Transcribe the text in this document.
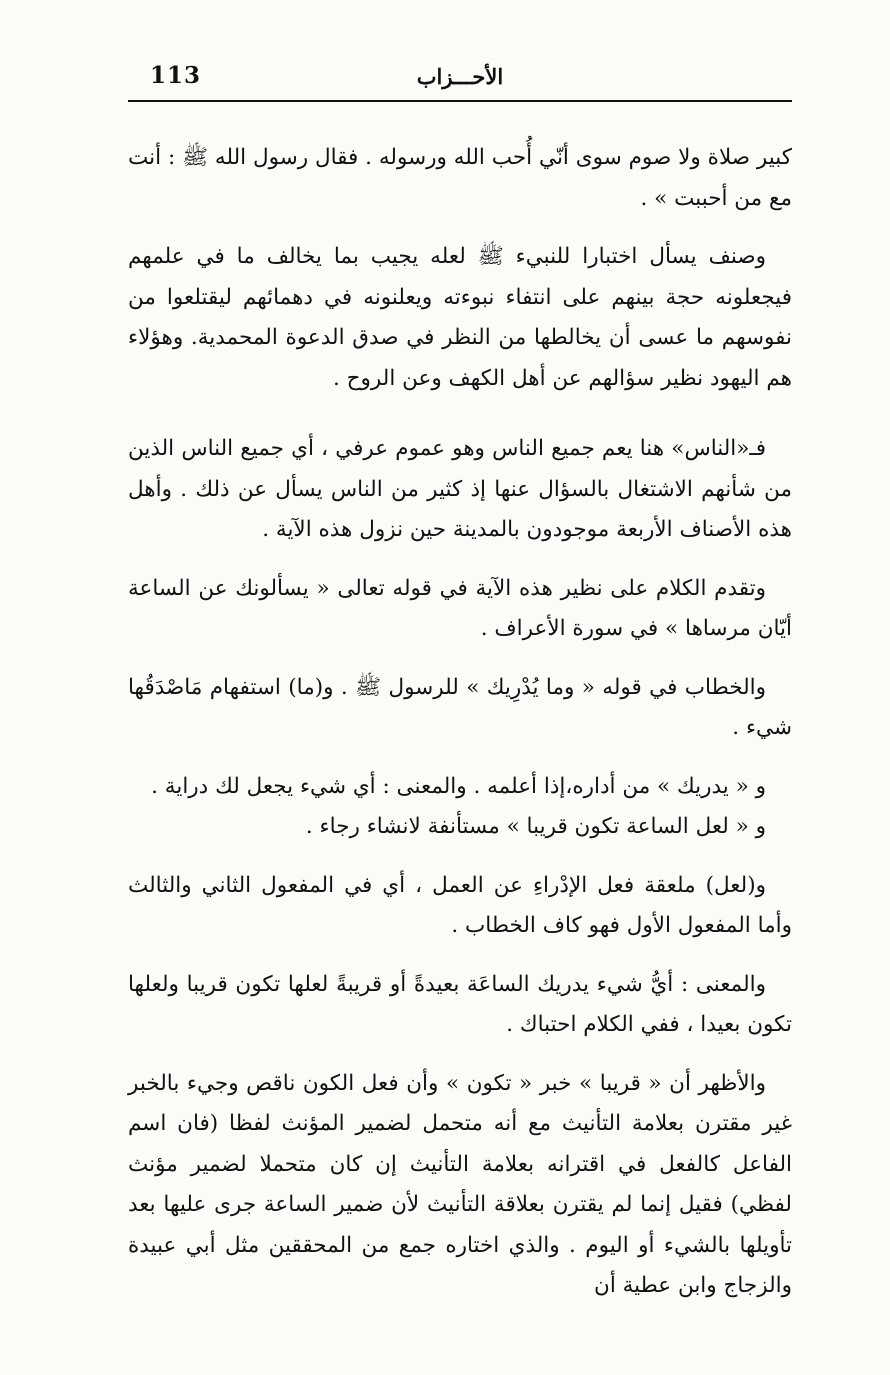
113	الأحـــزاب

كبير صلاة ولا صوم سوى أنّي أُحب الله ورسوله . فقال رسول الله ﷺ : أنت مع من أحببت » .

وصنف يسأل اختبارا للنبيء ﷺ لعله يجيب بما يخالف ما في علمهم فيجعلونه حجة بينهم على انتفاء نبوءته ويعلنونه في دهمائهم ليقتلعوا من نفوسهم ما عسى أن يخالطها من النظر في صدق الدعوة المحمدية. وهؤلاء هم اليهود نظير سؤالهم عن أهل الكهف وعن الروح .

فـ«الناس» هنا يعم جميع الناس وهو عموم عرفي ، أي جميع الناس الذين من شأنهم الاشتغال بالسؤال عنها إذ كثير من الناس يسأل عن ذلك . وأهل هذه الأصناف الأربعة موجودون بالمدينة حين نزول هذه الآية .

وتقدم الكلام على نظير هذه الآية في قوله تعالى « يسألونك عن الساعة أيّان مرساها » في سورة الأعراف .

والخطاب في قوله « وما يُدْرِيك » للرسول ﷺ . و(ما) استفهام مَاصْدَقُها شيء .

و « يدريك » من أداره،إذا أعلمه . والمعنى : أي شيء يجعل لك دراية .

و « لعل الساعة تكون قريبا » مستأنفة لانشاء رجاء .

و(لعل) ملعقة فعل الإدْراءِ عن العمل ، أي في المفعول الثاني والثالث وأما المفعول الأول فهو كاف الخطاب .

والمعنى : أيُّ شيء يدريك الساعَة بعيدةً أو قريبةً لعلها تكون قريبا ولعلها تكون بعيدا ، ففي الكلام احتباك .

والأظهر أن « قريبا » خبر « تكون » وأن فعل الكون ناقص وجيء بالخبر غير مقترن بعلامة التأنيث مع أنه متحمل لضمير المؤنث لفظا (فان اسم الفاعل كالفعل في اقترانه بعلامة التأنيث إن كان متحملا لضمير مؤنث لفظي) فقيل إنما لم يقترن بعلاقة التأنيث لأن ضمير الساعة جرى عليها بعد تأويلها بالشيء أو اليوم . والذي اختاره جمع من المحققين مثل أبي عبيدة والزجاج وابن عطية أن
